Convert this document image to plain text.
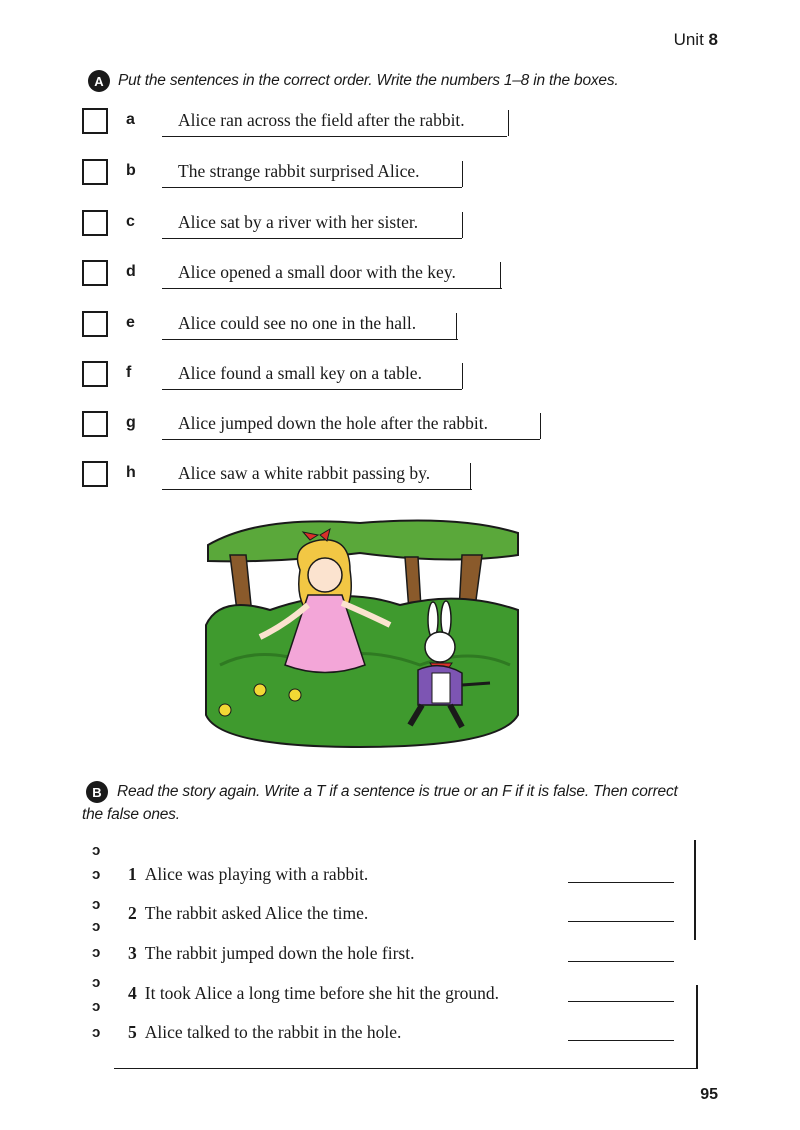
Unit 8
A Put the sentences in the correct order. Write the numbers 1–8 in the boxes.
a Alice ran across the field after the rabbit.
b The strange rabbit surprised Alice.
c Alice sat by a river with her sister.
d Alice opened a small door with the key.
e Alice could see no one in the hall.
f	Alice found a small key on a table.
g Alice jumped down the hole after the rabbit.
h Alice saw a white rabbit passing by.
B Read the story again. Write a T if a sentence is true or an F if it is false. Then correct
the false ones.
ↄ
ↄ
ↄ
ↄ
ↄ
ↄ
ↄ
ↄ
1 Alice was playing with a rabbit.
2 The rabbit asked Alice the time.
3 The rabbit jumped down the hole first.
4 It took Alice a long time before she hit the ground.
5 Alice talked to the rabbit in the hole.
95
